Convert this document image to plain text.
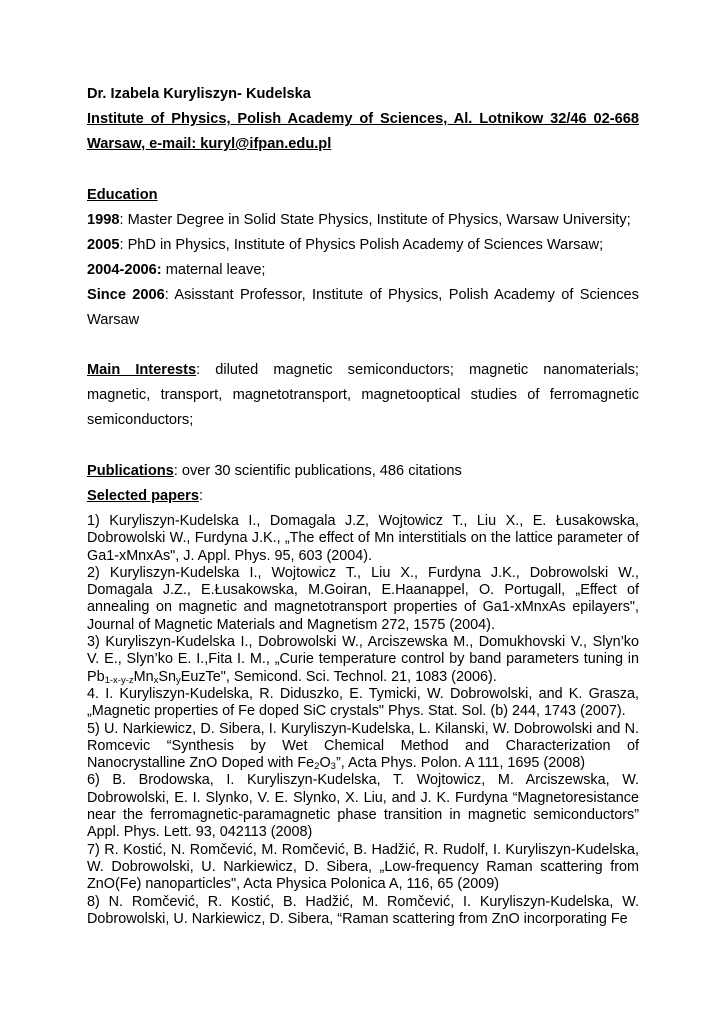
Dr. Izabela Kuryliszyn- Kudelska

Institute of Physics, Polish Academy of Sciences, Al. Lotnikow 32/46 02-668

Warsaw, e-mail: kuryl@ifpan.edu.pl

Education

1998: Master Degree in Solid State Physics, Institute of Physics, Warsaw University;

2005: PhD in Physics, Institute of Physics Polish Academy of Sciences Warsaw;

2004-2006: maternal leave;

Since 2006: Asisstant Professor, Institute of Physics, Polish Academy of Sciences Warsaw

Main Interests: diluted magnetic semiconductors; magnetic nanomaterials; magnetic, transport, magnetotransport, magnetooptical studies of ferromagnetic semiconductors;

Publications: over 30 scientific publications, 486 citations

Selected papers:

1) Kuryliszyn-Kudelska I., Domagala J.Z, Wojtowicz T., Liu X., E. Łusakowska, Dobrowolski W., Furdyna J.K., „The effect of Mn interstitials on the lattice parameter of Ga1-xMnxAs", J. Appl. Phys. 95, 603 (2004).

2) Kuryliszyn-Kudelska I., Wojtowicz T., Liu X., Furdyna J.K., Dobrowolski W., Domagala J.Z., E.Łusakowska, M.Goiran, E.Haanappel, O. Portugall, „Effect of annealing on magnetic and magnetotransport properties of Ga1-xMnxAs epilayers", Journal of Magnetic Materials and Magnetism 272, 1575 (2004).

3) Kuryliszyn-Kudelska I., Dobrowolski W., Arciszewska M., Domukhovski V., Slyn’ko V. E., Slyn’ko E. I.,Fita I. M., „Curie temperature control by band parameters tuning in $Pb_{1-x-y-z}Mn_xSn_yEuzTe$", Semicond. Sci. Technol. 21, 1083 (2006).

4. I. Kuryliszyn-Kudelska, R. Diduszko, E. Tymicki, W. Dobrowolski, and K. Grasza, „Magnetic properties of Fe doped SiC crystals" Phys. Stat. Sol. (b) 244, 1743 (2007).

5) U. Narkiewicz, D. Sibera, I. Kuryliszyn-Kudelska, L. Kilanski, W. Dobrowolski and N. Romcevic “Synthesis by Wet Chemical Method and Characterization of Nanocrystalline ZnO Doped with $Fe_2O_3$”, Acta Phys. Polon. A 111, 1695 (2008)

6) B. Brodowska, I. Kuryliszyn-Kudelska, T. Wojtowicz, M. Arciszewska, W. Dobrowolski, E. I. Slynko, V. E. Slynko, X. Liu, and J. K. Furdyna “Magnetoresistance near the ferromagnetic-paramagnetic phase transition in magnetic semiconductors” Appl. Phys. Lett. 93, 042113 (2008)

7) R. Kostić, N. Romčević, M. Romčević, B. Hadžić, R. Rudolf, I. Kuryliszyn-Kudelska, W. Dobrowolski, U. Narkiewicz, D. Sibera, „Low-frequency Raman scattering from ZnO(Fe) nanoparticles", Acta Physica Polonica A, 116, 65 (2009)

8) N. Romčević, R. Kostić, B. Hadžić, M. Romčević, I. Kuryliszyn-Kudelska, W. Dobrowolski, U. Narkiewicz, D. Sibera, “Raman scattering from ZnO incorporating Fe
